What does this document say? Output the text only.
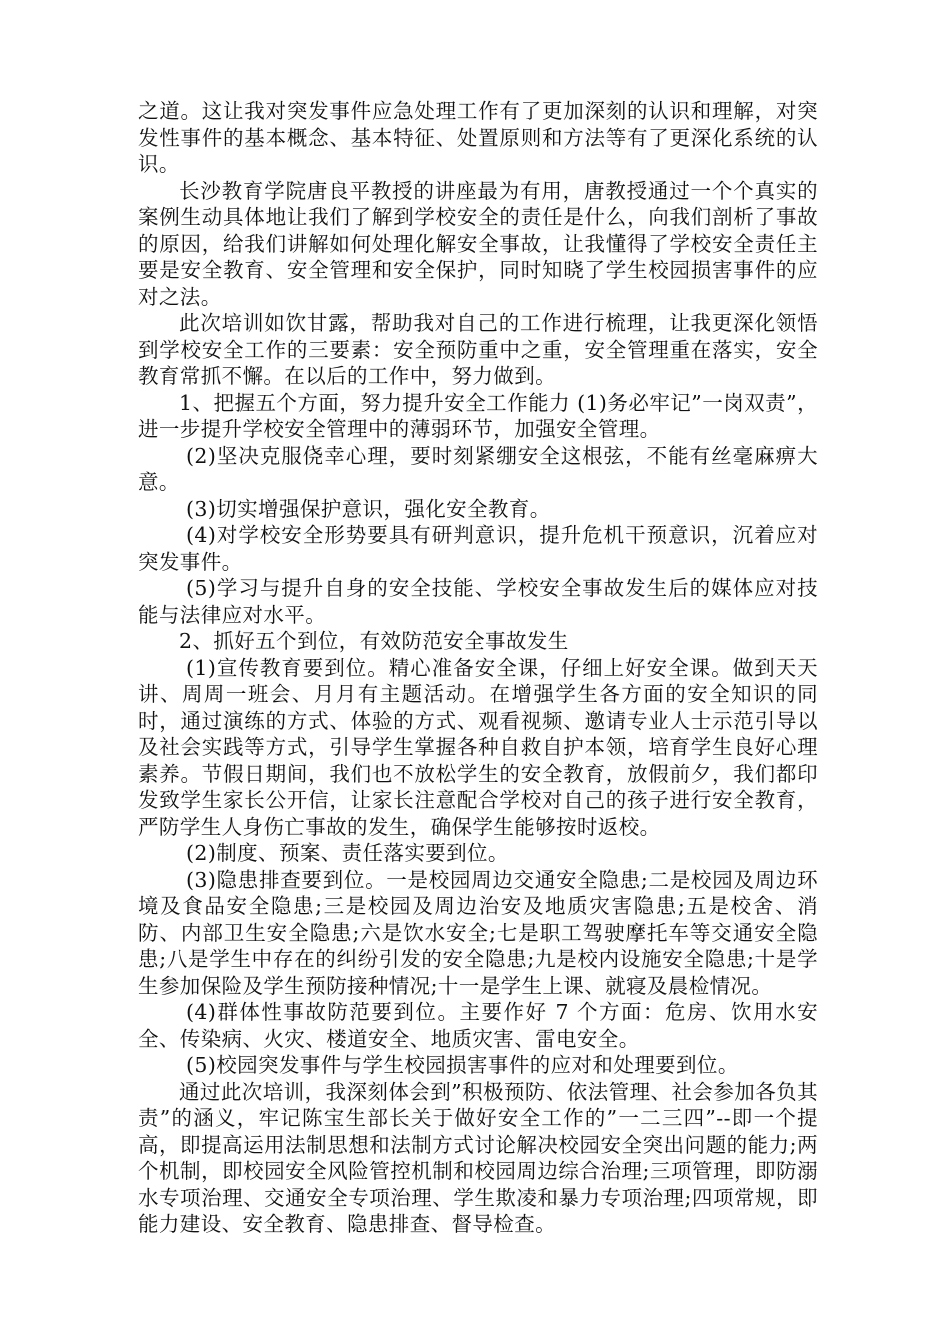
之道。这让我对突发事件应急处理工作有了更加深刻的认识和理解，对突发性事件的基本概念、基本特征、处置原则和方法等有了更深化系统的认识。

长沙教育学院唐良平教授的讲座最为有用，唐教授通过一个个真实的案例生动具体地让我们了解到学校安全的责任是什么，向我们剖析了事故的原因，给我们讲解如何处理化解安全事故，让我懂得了学校安全责任主要是安全教育、安全管理和安全保护，同时知晓了学生校园损害事件的应对之法。

此次培训如饮甘露，帮助我对自己的工作进行梳理，让我更深化领悟到学校安全工作的三要素：安全预防重中之重，安全管理重在落实，安全教育常抓不懈。在以后的工作中，努力做到。

1、把握五个方面，努力提升安全工作能力 (1)务必牢记”一岗双责”，进一步提升学校安全管理中的薄弱环节，加强安全管理。

(2)坚决克服侥幸心理，要时刻紧绷安全这根弦，不能有丝毫麻痹大意。

(3)切实增强保护意识，强化安全教育。

(4)对学校安全形势要具有研判意识，提升危机干预意识，沉着应对突发事件。

(5)学习与提升自身的安全技能、学校安全事故发生后的媒体应对技能与法律应对水平。

2、抓好五个到位，有效防范安全事故发生

(1)宣传教育要到位。精心准备安全课，仔细上好安全课。做到天天讲、周周一班会、月月有主题活动。在增强学生各方面的安全知识的同时，通过演练的方式、体验的方式、观看视频、邀请专业人士示范引导以及社会实践等方式，引导学生掌握各种自救自护本领，培育学生良好心理素养。节假日期间，我们也不放松学生的安全教育，放假前夕，我们都印发致学生家长公开信，让家长注意配合学校对自己的孩子进行安全教育，严防学生人身伤亡事故的发生，确保学生能够按时返校。

(2)制度、预案、责任落实要到位。

(3)隐患排查要到位。一是校园周边交通安全隐患;二是校园及周边环境及食品安全隐患;三是校园及周边治安及地质灾害隐患;五是校舍、消防、内部卫生安全隐患;六是饮水安全;七是职工驾驶摩托车等交通安全隐患;八是学生中存在的纠纷引发的安全隐患;九是校内设施安全隐患;十是学生参加保险及学生预防接种情况;十一是学生上课、就寝及晨检情况。

(4)群体性事故防范要到位。主要作好 7 个方面：危房、饮用水安全、传染病、火灾、楼道安全、地质灾害、雷电安全。

(5)校园突发事件与学生校园损害事件的应对和处理要到位。

通过此次培训，我深刻体会到”积极预防、依法管理、社会参加各负其责”的涵义，牢记陈宝生部长关于做好安全工作的”一二三四”--即一个提高，即提高运用法制思想和法制方式讨论解决校园安全突出问题的能力;两个机制，即校园安全风险管控机制和校园周边综合治理;三项管理，即防溺水专项治理、交通安全专项治理、学生欺凌和暴力专项治理;四项常规，即能力建设、安全教育、隐患排查、督导检查。
